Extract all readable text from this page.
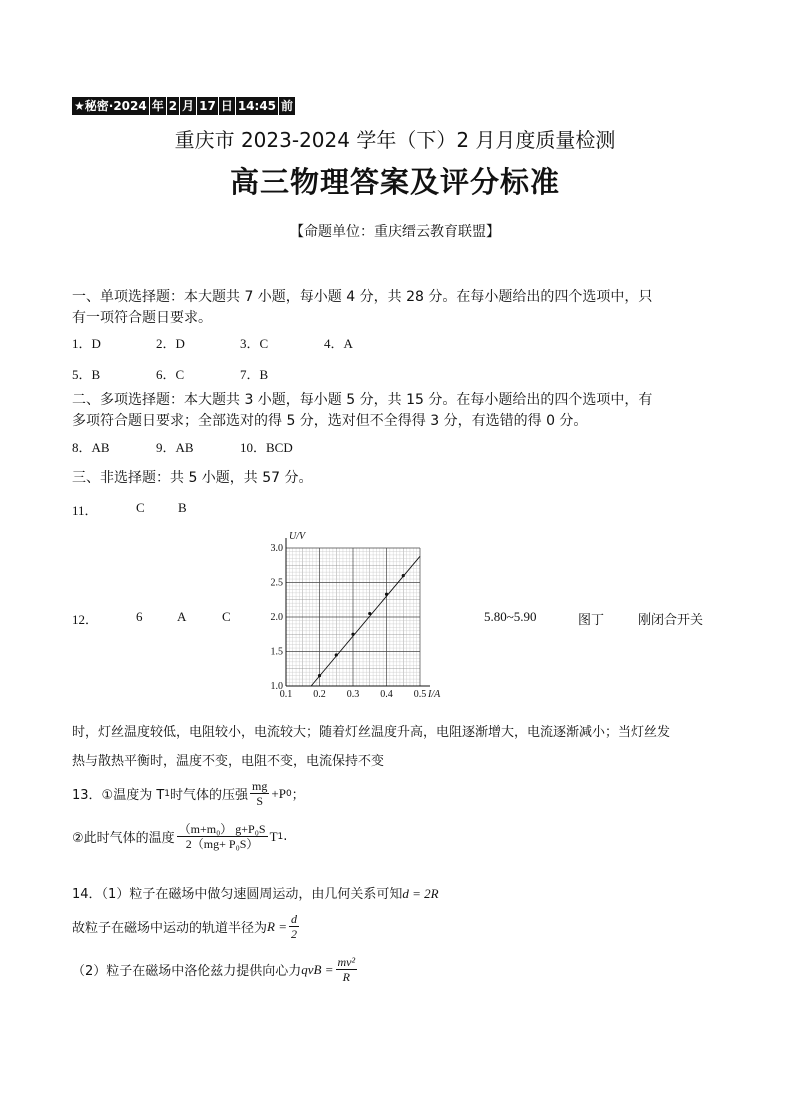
★秘密·2024 年 2 月 17 日 14:45 前
重庆市 2023-2024 学年（下）2 月月度质量检测
高三物理答案及评分标准
【命题单位：重庆缙云教育联盟】
一、单项选择题：本大题共 7 小题，每小题 4 分，共 28 分。在每小题给出的四个选项中，只
有一项符合题日要求。
1．D	2．D	3．C	4．A
5．B	6．C	7．B
二、多项选择题：本大题共 3 小题，每小题 5 分，共 15 分。在每小题给出的四个选项中，有
多项符合题日要求；全部选对的得 5 分，选对但不全得得 3 分，有选错的得 0 分。
8．AB	9．AB	10．BCD
三、非选择题：共 5 小题，共 57 分。
11．	C	B
12．	6	A	C	5.80~5.90	图丁	刚闭合开关
0.1 0.2 0.3 0.4 0.5
1.0
1.5
2.0
2.5
3.0
U/V
I/A
时，灯丝温度较低，电阻较小，电流较大；随着灯丝温度升高，电阻逐渐增大，电流逐渐减小；当灯丝发
热与散热平衡时，温度不变，电阻不变，电流保持不变
13．①温度为 T 1 时气体的压强 $\frac{mg}{S} +P$ 0 ；
②此时气体的温度 $\frac{\text{（m+m₀） g+P₀S}}{\text{2（mg+ P₀S）}}$ T 1 .
14．（1）粒子在磁场中做匀速圆周运动，由几何关系可知d = 2R
故粒子在磁场中运动的轨道半径为 $R = \frac{d}{2}$
（2）粒子在磁场中洛伦兹力提供向心力 qvB = $\frac{\text{mv²}}{R}$
